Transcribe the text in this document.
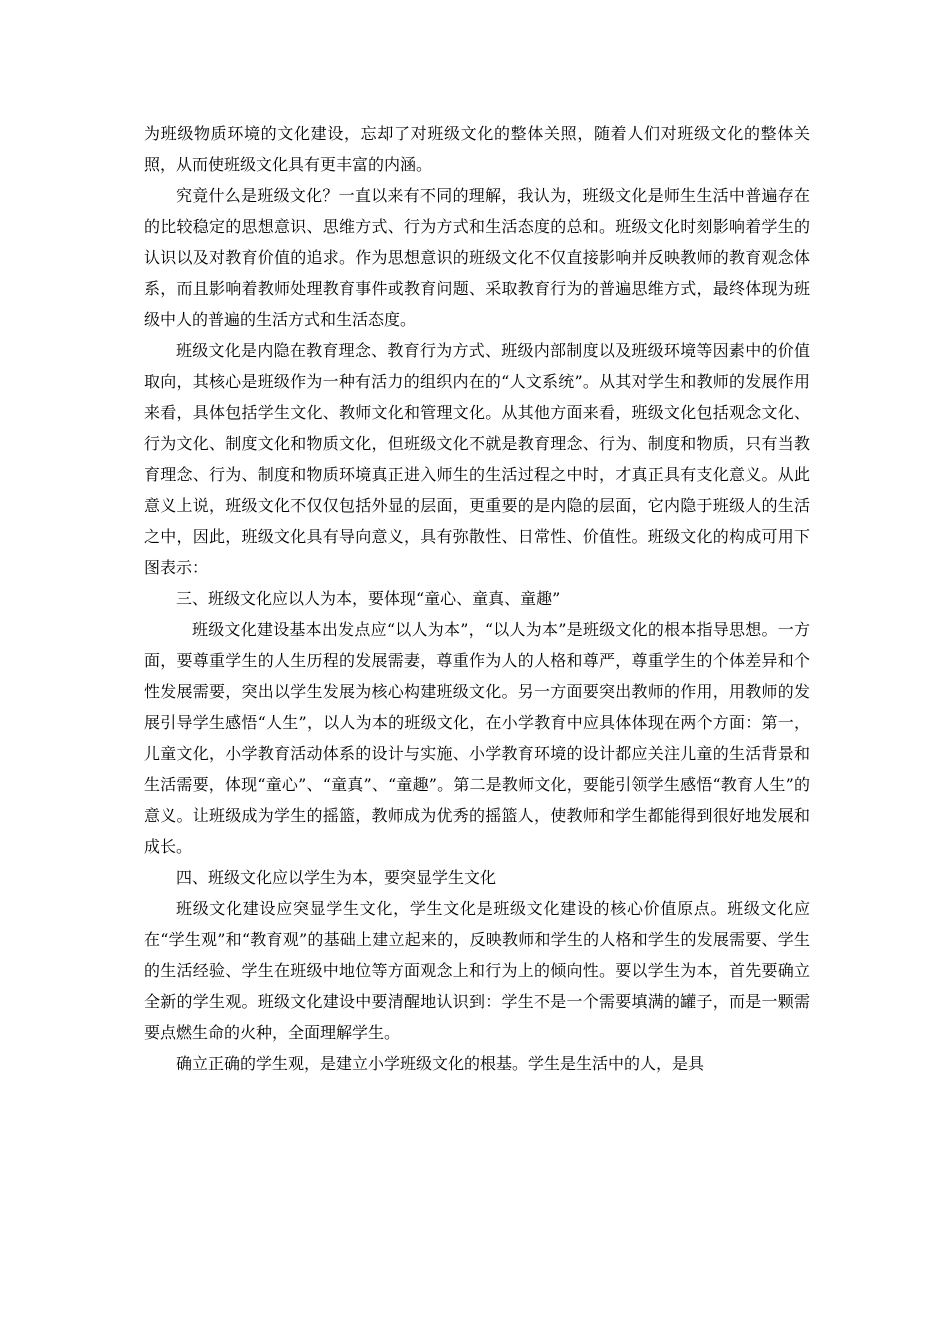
为班级物质环境的文化建设，忘却了对班级文化的整体关照，随着人们对班级文化的整体关照，从而使班级文化具有更丰富的内涵。

究竟什么是班级文化？一直以来有不同的理解，我认为，班级文化是师生生活中普遍存在的比较稳定的思想意识、思维方式、行为方式和生活态度的总和。班级文化时刻影响着学生的认识以及对教育价值的追求。作为思想意识的班级文化不仅直接影响并反映教师的教育观念体系，而且影响着教师处理教育事件或教育问题、采取教育行为的普遍思维方式，最终体现为班级中人的普遍的生活方式和生活态度。

班级文化是内隐在教育理念、教育行为方式、班级内部制度以及班级环境等因素中的价值取向，其核心是班级作为一种有活力的组织内在的“人文系统”。从其对学生和教师的发展作用来看，具体包括学生文化、教师文化和管理文化。从其他方面来看，班级文化包括观念文化、行为文化、制度文化和物质文化，但班级文化不就是教育理念、行为、制度和物质，只有当教育理念、行为、制度和物质环境真正进入师生的生活过程之中时，才真正具有支化意义。从此意义上说，班级文化不仅仅包括外显的层面，更重要的是内隐的层面，它内隐于班级人的生活之中，因此，班级文化具有导向意义，具有弥散性、日常性、价值性。班级文化的构成可用下图表示：

三、班级文化应以人为本，要体现“童心、童真、童趣”

班级文化建设基本出发点应“以人为本”，“以人为本”是班级文化的根本指导思想。一方面，要尊重学生的人生历程的发展需妻，尊重作为人的人格和尊严，尊重学生的个体差异和个性发展需要，突出以学生发展为核心构建班级文化。另一方面要突出教师的作用，用教师的发展引导学生感悟“人生”，以人为本的班级文化，在小学教育中应具体体现在两个方面：第一，儿童文化，小学教育活动体系的设计与实施、小学教育环境的设计都应关注儿童的生活背景和生活需要，体现“童心”、“童真”、“童趣”。第二是教师文化，要能引领学生感悟“教育人生”的意义。让班级成为学生的摇篮，教师成为优秀的摇篮人，使教师和学生都能得到很好地发展和成长。

四、班级文化应以学生为本，要突显学生文化

班级文化建设应突显学生文化，学生文化是班级文化建设的核心价值原点。班级文化应在“学生观”和“教育观”的基础上建立起来的，反映教师和学生的人格和学生的发展需要、学生的生活经验、学生在班级中地位等方面观念上和行为上的倾向性。要以学生为本，首先要确立全新的学生观。班级文化建设中要清醒地认识到：学生不是一个需要填满的罐子，而是一颗需要点燃生命的火种，全面理解学生。

确立正确的学生观，是建立小学班级文化的根基。学生是生活中的人，是具
